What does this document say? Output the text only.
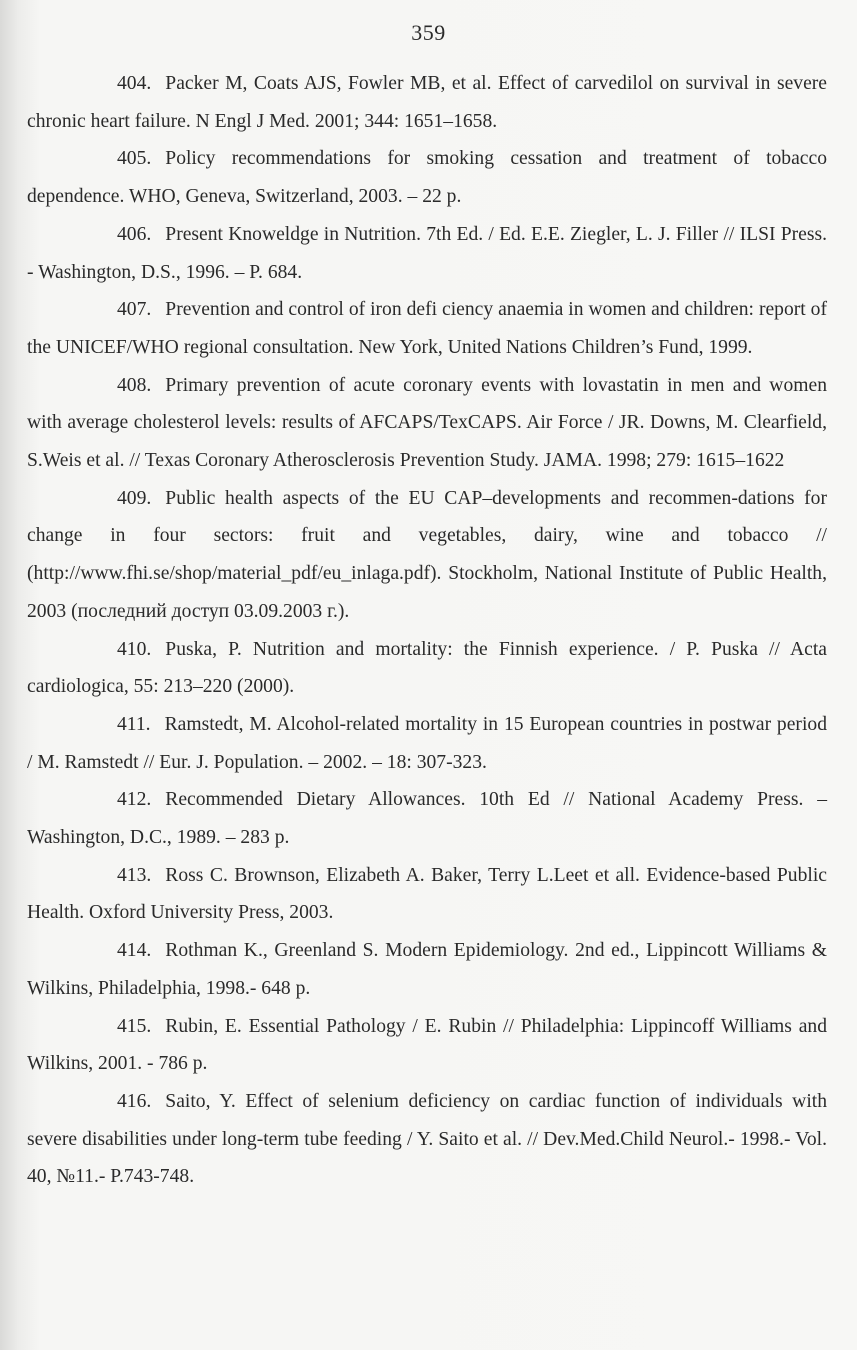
359

404. Packer M, Coats AJS, Fowler MB, et al. Effect of carvedilol on survival in severe chronic heart failure. N Engl J Med. 2001; 344: 1651–1658.

405. Policy recommendations for smoking cessation and treatment of tobacco dependence. WHO, Geneva, Switzerland, 2003. – 22 p.

406. Present Knoweldge in Nutrition. 7th Ed. / Ed. E.E. Ziegler, L. J. Filler // ILSI Press. - Washington, D.S., 1996. – P. 684.

407. Prevention and control of iron defi ciency anaemia in women and children: report of the UNICEF/WHO regional consultation. New York, United Nations Children’s Fund, 1999.

408. Primary prevention of acute coronary events with lovastatin in men and women with average cholesterol levels: results of AFCAPS/TexCAPS. Air Force / JR. Downs, M. Clearfield, S.Weis et al. // Texas Coronary Atherosclerosis Prevention Study. JAMA. 1998; 279: 1615–1622

409. Public health aspects of the EU CAP–developments and recommen-dations for change in four sectors: fruit and vegetables, dairy, wine and tobacco // (http://www.fhi.se/shop/material_pdf/eu_inlaga.pdf). Stockholm, National Institute of Public Health, 2003 (последний доступ 03.09.2003 г.).

410. Puska, P. Nutrition and mortality: the Finnish experience. / P. Puska // Acta cardiologica, 55: 213–220 (2000).

411. Ramstedt, M. Alcohol-related mortality in 15 European countries in postwar period / M. Ramstedt // Eur. J. Population. – 2002. – 18: 307-323.

412. Recommended Dietary Allowances. 10th Ed // National Academy Press. – Washington, D.C., 1989. – 283 p.

413. Ross C. Brownson, Elizabeth A. Baker, Terry L.Leet et all. Evidence-based Public Health. Oxford University Press, 2003.

414. Rothman K., Greenland S. Modern Epidemiology. 2nd ed., Lippincott Williams & Wilkins, Philadelphia, 1998.- 648 p.

415. Rubin, E. Essential Pathology / E. Rubin // Philadelphia: Lippincoff Williams and Wilkins, 2001. - 786 p.

416. Saito, Y. Effect of selenium deficiency on cardiac function of individuals with severe disabilities under long-term tube feeding / Y. Saito et al. // Dev.Med.Child Neurol.- 1998.- Vol. 40, №11.- P.743-748.
